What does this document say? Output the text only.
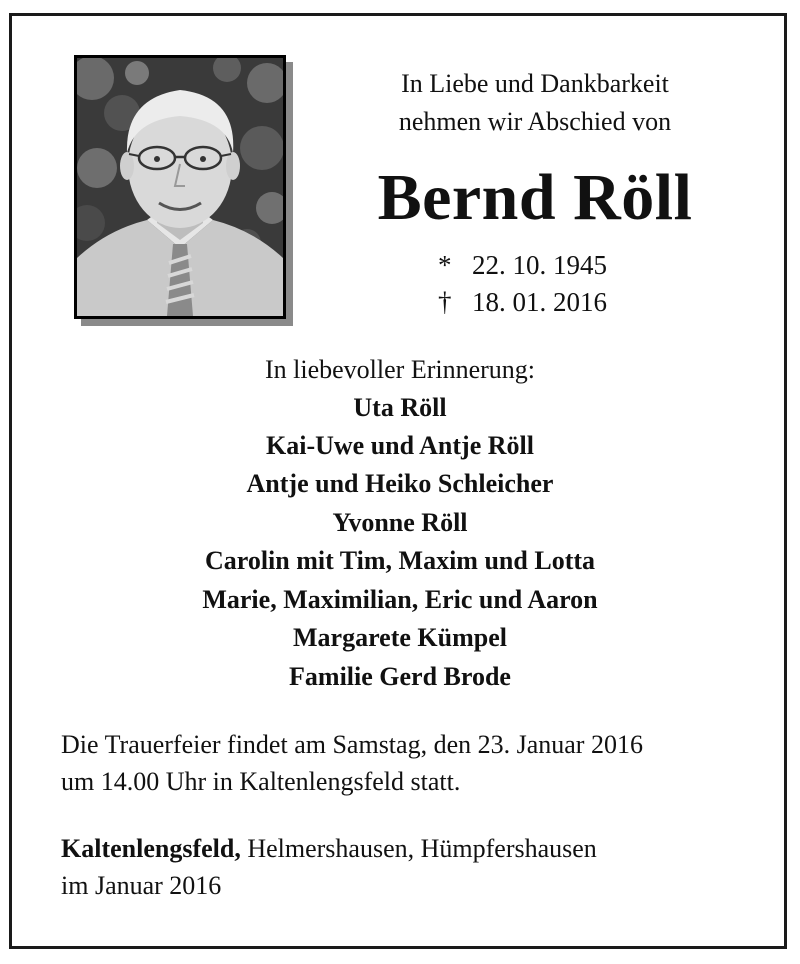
In Liebe und Dankbarkeit
nehmen wir Abschied von
Bernd Röll
* 22. 10. 1945
† 18. 01. 2016
In liebevoller Erinnerung:
Uta Röll
Kai-Uwe und Antje Röll
Antje und Heiko Schleicher
Yvonne Röll
Carolin mit Tim, Maxim und Lotta
Marie, Maximilian, Eric und Aaron
Margarete Kümpel
Familie Gerd Brode
Die Trauerfeier findet am Samstag, den 23. Januar 2016
um 14.00 Uhr in Kaltenlengsfeld statt.
Kaltenlengsfeld, Helmershausen, Hümpfershausen
im Januar 2016
